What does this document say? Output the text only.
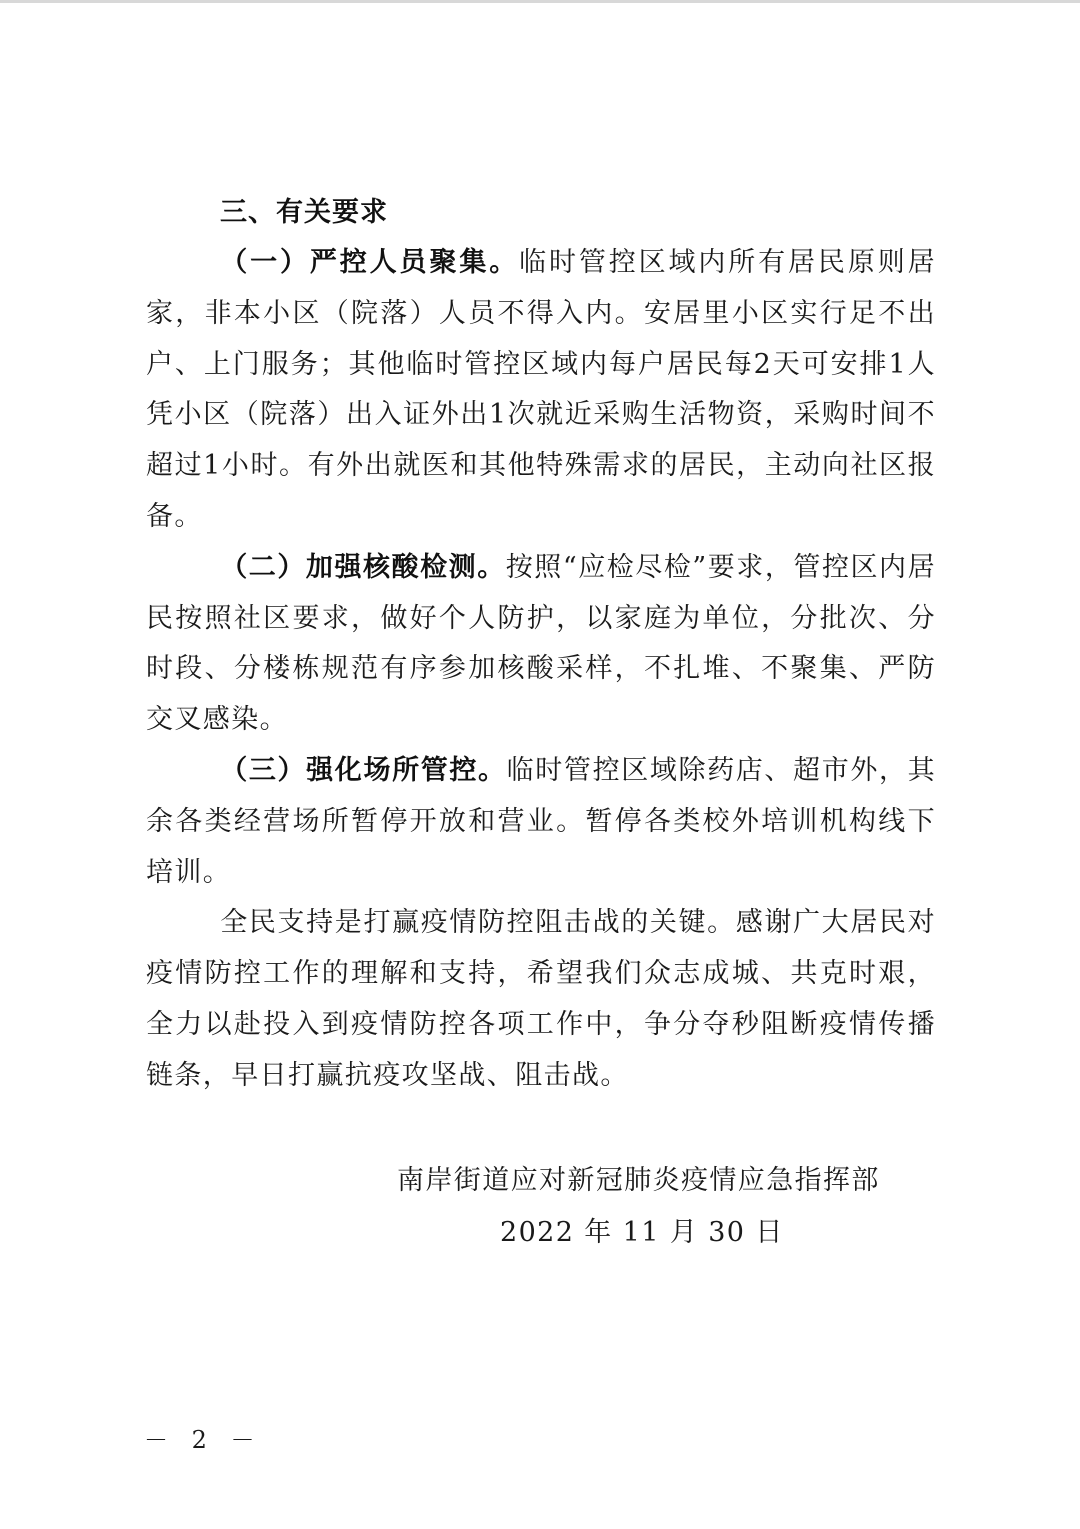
三、有关要求

（一）严控人员聚集。临时管控区域内所有居民原则居家，非本小区（院落）人员不得入内。安居里小区实行足不出户、上门服务；其他临时管控区域内每户居民每2天可安排1人凭小区（院落）出入证外出1次就近采购生活物资，采购时间不超过1小时。有外出就医和其他特殊需求的居民，主动向社区报备。

（二）加强核酸检测。按照“应检尽检”要求，管控区内居民按照社区要求，做好个人防护，以家庭为单位，分批次、分时段、分楼栋规范有序参加核酸采样，不扎堆、不聚集、严防交叉感染。

（三）强化场所管控。临时管控区域除药店、超市外，其余各类经营场所暂停开放和营业。暂停各类校外培训机构线下培训。

全民支持是打赢疫情防控阻击战的关键。感谢广大居民对疫情防控工作的理解和支持，希望我们众志成城、共克时艰，全力以赴投入到疫情防控各项工作中，争分夺秒阻断疫情传播链条，早日打赢抗疫攻坚战、阻击战。

南岸街道应对新冠肺炎疫情应急指挥部
2022 年 11 月 30 日
－ 2 －
